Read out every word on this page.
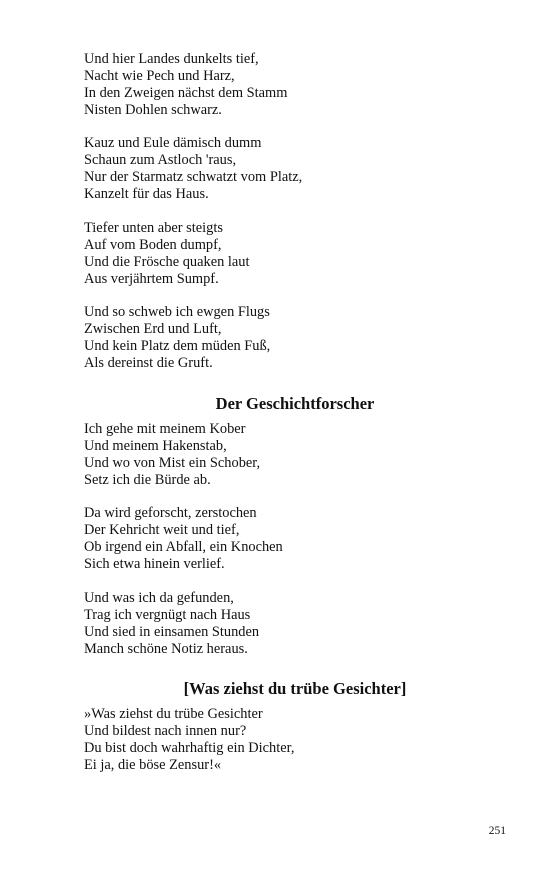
Und hier Landes dunkelts tief,
Nacht wie Pech und Harz,
In den Zweigen nächst dem Stamm
Nisten Dohlen schwarz.
Kauz und Eule dämisch dumm
Schaun zum Astloch 'raus,
Nur der Starmatz schwatzt vom Platz,
Kanzelt für das Haus.
Tiefer unten aber steigts
Auf vom Boden dumpf,
Und die Frösche quaken laut
Aus verjährtem Sumpf.
Und so schweb ich ewgen Flugs
Zwischen Erd und Luft,
Und kein Platz dem müden Fuß,
Als dereinst die Gruft.
Der Geschichtforscher
Ich gehe mit meinem Kober
Und meinem Hakenstab,
Und wo von Mist ein Schober,
Setz ich die Bürde ab.
Da wird geforscht, zerstochen
Der Kehricht weit und tief,
Ob irgend ein Abfall, ein Knochen
Sich etwa hinein verlief.
Und was ich da gefunden,
Trag ich vergnügt nach Haus
Und sied in einsamen Stunden
Manch schöne Notiz heraus.
[Was ziehst du trübe Gesichter]
»Was ziehst du trübe Gesichter
Und bildest nach innen nur?
Du bist doch wahrhaftig ein Dichter,
Ei ja, die böse Zensur!«
251
